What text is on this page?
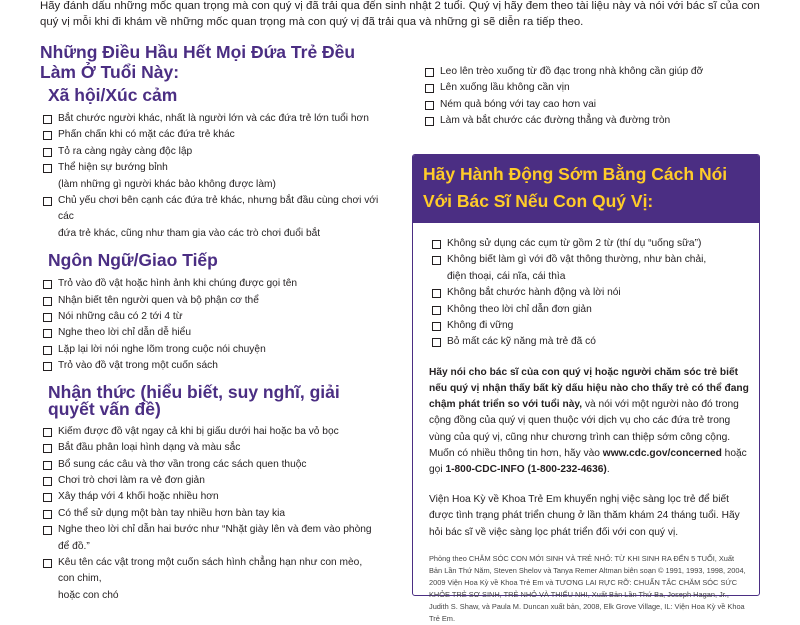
Hãy đánh dấu những mốc quan trọng mà con quý vị đã trải qua đến sinh nhật 2 tuổi. Quý vị hãy đem theo tài liệu này và nói với bác sĩ của con quý vị mỗi khi đi khám về những mốc quan trọng mà con quý vị đã trải qua và những gì sẽ diễn ra tiếp theo.

Những Điều Hầu Hết Mọi Đứa Trẻ Đều Làm Ở Tuổi Này:
Xã hội/Xúc cảm
Bắt chước người khác, nhất là người lớn và các đứa trẻ lớn tuổi hơn
Phấn chấn khi có mặt các đứa trẻ khác
Tỏ ra càng ngày càng độc lập
Thể hiện sự bướng bỉnh
(làm những gì người khác bảo không được làm)
Chủ yếu chơi bên cạnh các đứa trẻ khác, nhưng bắt đầu cùng chơi với các
đứa trẻ khác, cũng như tham gia vào các trò chơi đuổi bắt
Ngôn Ngữ/Giao Tiếp
Trỏ vào đồ vật hoặc hình ảnh khi chúng được gọi tên
Nhận biết tên người quen và bộ phận cơ thể
Nói những câu có 2 tới 4 từ
Nghe theo lời chỉ dẫn dễ hiểu
Lặp lại lời nói nghe lõm trong cuộc nói chuyện
Trỏ vào đồ vật trong một cuốn sách
Nhận thức (hiểu biết, suy nghĩ, giải quyết vấn đề)
Kiếm được đồ vật ngay cả khi bị giấu dưới hai hoặc ba vỏ bọc
Bắt đầu phân loại hình dạng và màu sắc
Bổ sung các câu và thơ vần trong các sách quen thuộc
Chơi trò chơi làm ra vẻ đơn giản
Xây tháp với 4 khối hoặc nhiều hơn
Có thể sử dụng một bàn tay nhiều hơn bàn tay kia
Nghe theo lời chỉ dẫn hai bước như “Nhặt giày lên và đem vào phòng để đồ.”
Kêu tên các vật trong một cuốn sách hình chẳng hạn như con mèo, con chim,
hoặc con chó
Leo lên trèo xuống từ đồ đạc trong nhà không cần giúp đỡ
Lên xuống lầu không cần vịn
Ném quả bóng với tay cao hơn vai
Làm và bắt chước các đường thẳng và đường tròn
Hãy Hành Động Sớm Bằng Cách Nói Với Bác Sĩ Nếu Con Quý Vị:
Không sử dụng các cụm từ gồm 2 từ (thí dụ “uống sữa”)
Không biết làm gì với đồ vật thông thường, như bàn chải,
điện thoại, cái nĩa, cái thìa
Không bắt chước hành động và lời nói
Không theo lời chỉ dẫn đơn giản
Không đi vững
Bỏ mất các kỹ năng mà trẻ đã có

Hãy nói cho bác sĩ của con quý vị hoặc người chăm sóc trẻ biết nếu quý vị nhận thấy bất kỳ dấu hiệu nào cho thấy trẻ có thể đang chậm phát triển so với tuổi này, và nói với một người nào đó trong cộng đồng của quý vị quen thuộc với dịch vụ cho các đứa trẻ trong vùng của quý vị, cũng như chương trình can thiệp sớm công cộng. Muốn có nhiều thông tin hơn, hãy vào www.cdc.gov/concerned hoặc gọi 1-800-CDC-INFO (1-800-232-4636).

Viện Hoa Kỳ về Khoa Trẻ Em khuyến nghị việc sàng lọc trẻ để biết được tình trạng phát triển chung ở lần thăm khám 24 tháng tuổi. Hãy hỏi bác sĩ về việc sàng lọc phát triển đối với con quý vị.

Phỏng theo CHĂM SÓC CON MỚI SINH VÀ TRẺ NHỎ: TỪ KHI SINH RA ĐẾN 5 TUỔI, Xuất Bản Lần Thứ Năm, Steven Shelov và Tanya Remer Altman biên soạn © 1991, 1993, 1998, 2004, 2009 Viện Hoa Kỳ về Khoa Trẻ Em và TƯƠNG LAI RỰC RỠ: CHUẨN TẮC CHĂM SÓC SỨC KHỎE TRẺ SƠ SINH, TRẺ NHỎ VÀ THIẾU NHI, Xuất Bản Lần Thứ Ba, Joseph Hagan, Jr., Judith S. Shaw, và Paula M. Duncan xuất bản, 2008, Elk Grove Village, IL: Viện Hoa Kỳ về Khoa Trẻ Em.
